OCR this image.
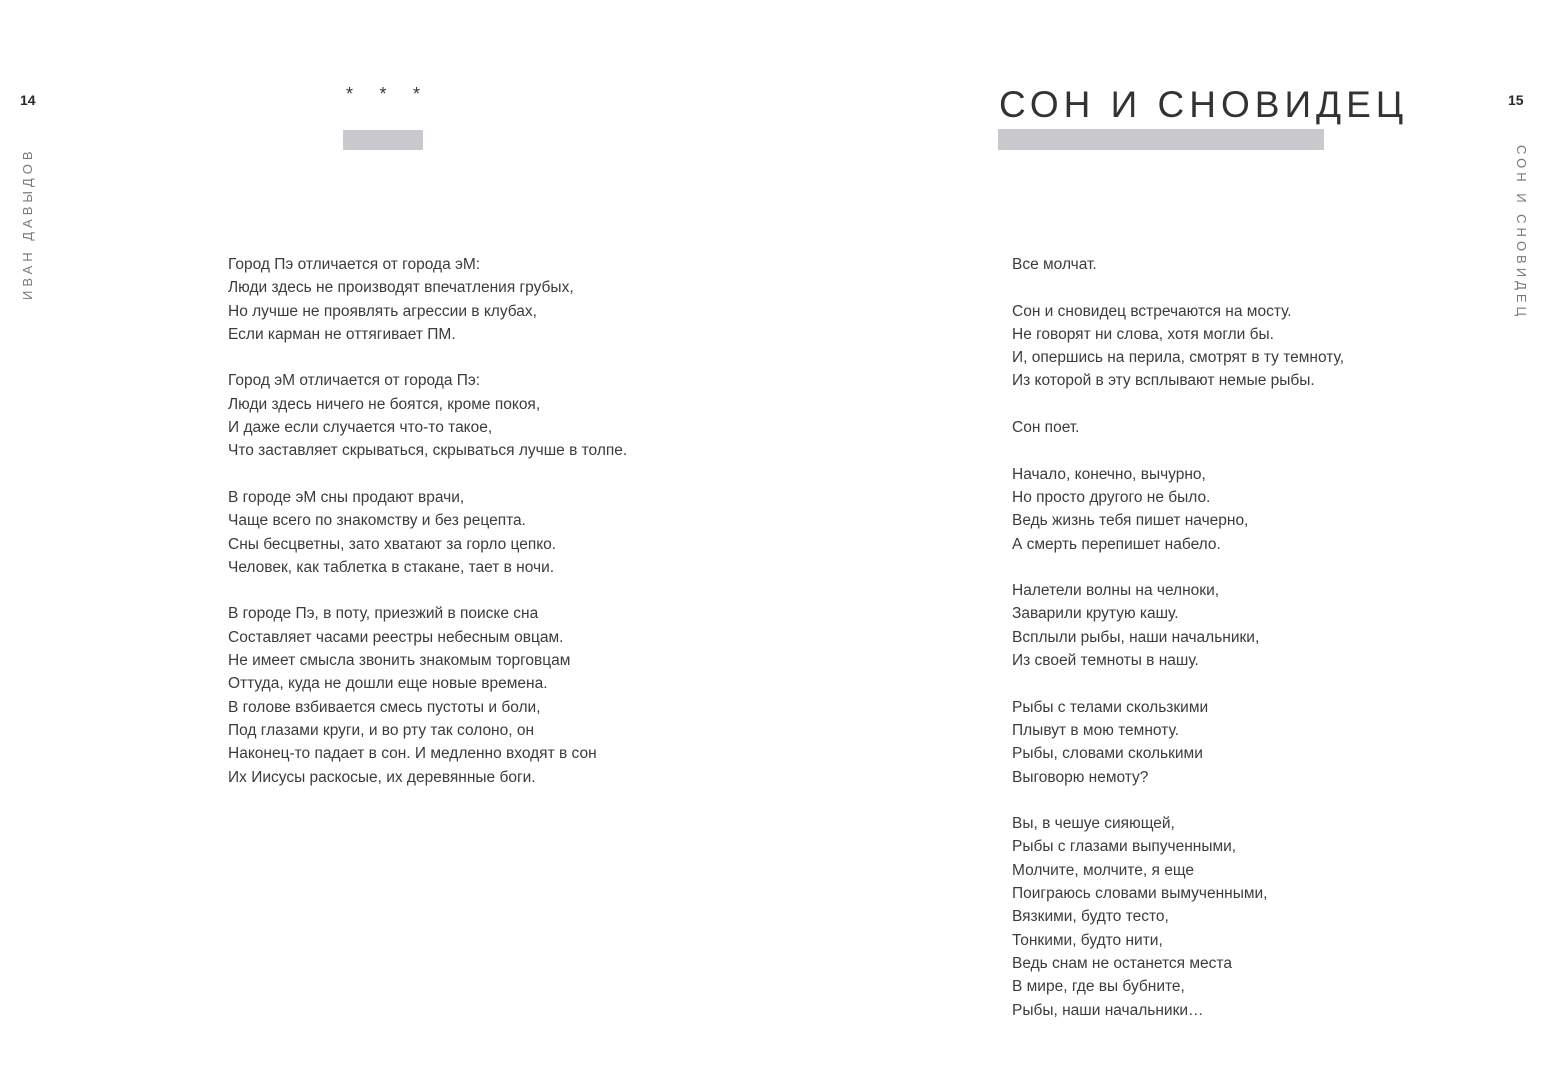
14
ИВАН ДАВЫДОВ
* * *
Город Пэ отличается от города эМ:
Люди здесь не производят впечатления грубых,
Но лучше не проявлять агрессии в клубах,
Если карман не оттягивает ПМ.
Город эМ отличается от города Пэ:
Люди здесь ничего не боятся, кроме покоя,
И даже если случается что-то такое,
Что заставляет скрываться, скрываться лучше в толпе.
В городе эМ сны продают врачи,
Чаще всего по знакомству и без рецепта.
Сны бесцветны, зато хватают за горло цепко.
Человек, как таблетка в стакане, тает в ночи.
В городе Пэ, в поту, приезжий в поиске сна
Составляет часами реестры небесным овцам.
Не имеет смысла звонить знакомым торговцам
Оттуда, куда не дошли еще новые времена.
В голове взбивается смесь пустоты и боли,
Под глазами круги, и во рту так солоно, он
Наконец-то падает в сон. И медленно входят в сон
Их Иисусы раскосые, их деревянные боги.
15
СОН И СНОВИДЕЦ
СОН И СНОВИДЕЦ
Все молчат.
Сон и сновидец встречаются на мосту.
Не говорят ни слова, хотя могли бы.
И, опершись на перила, смотрят в ту темноту,
Из которой в эту всплывают немые рыбы.
Сон поет.
Начало, конечно, вычурно,
Но просто другого не было.
Ведь жизнь тебя пишет начерно,
А смерть перепишет набело.
Налетели волны на челноки,
Заварили крутую кашу.
Всплыли рыбы, наши начальники,
Из своей темноты в нашу.
Рыбы с телами скользкими
Плывут в мою темноту.
Рыбы, словами сколькими
Выговорю немоту?
Вы, в чешуе сияющей,
Рыбы с глазами выпученными,
Молчите, молчите, я еще
Поиграюсь словами вымученными,
Вязкими, будто тесто,
Тонкими, будто нити,
Ведь снам не останется места
В мире, где вы бубните,
Рыбы, наши начальники…
